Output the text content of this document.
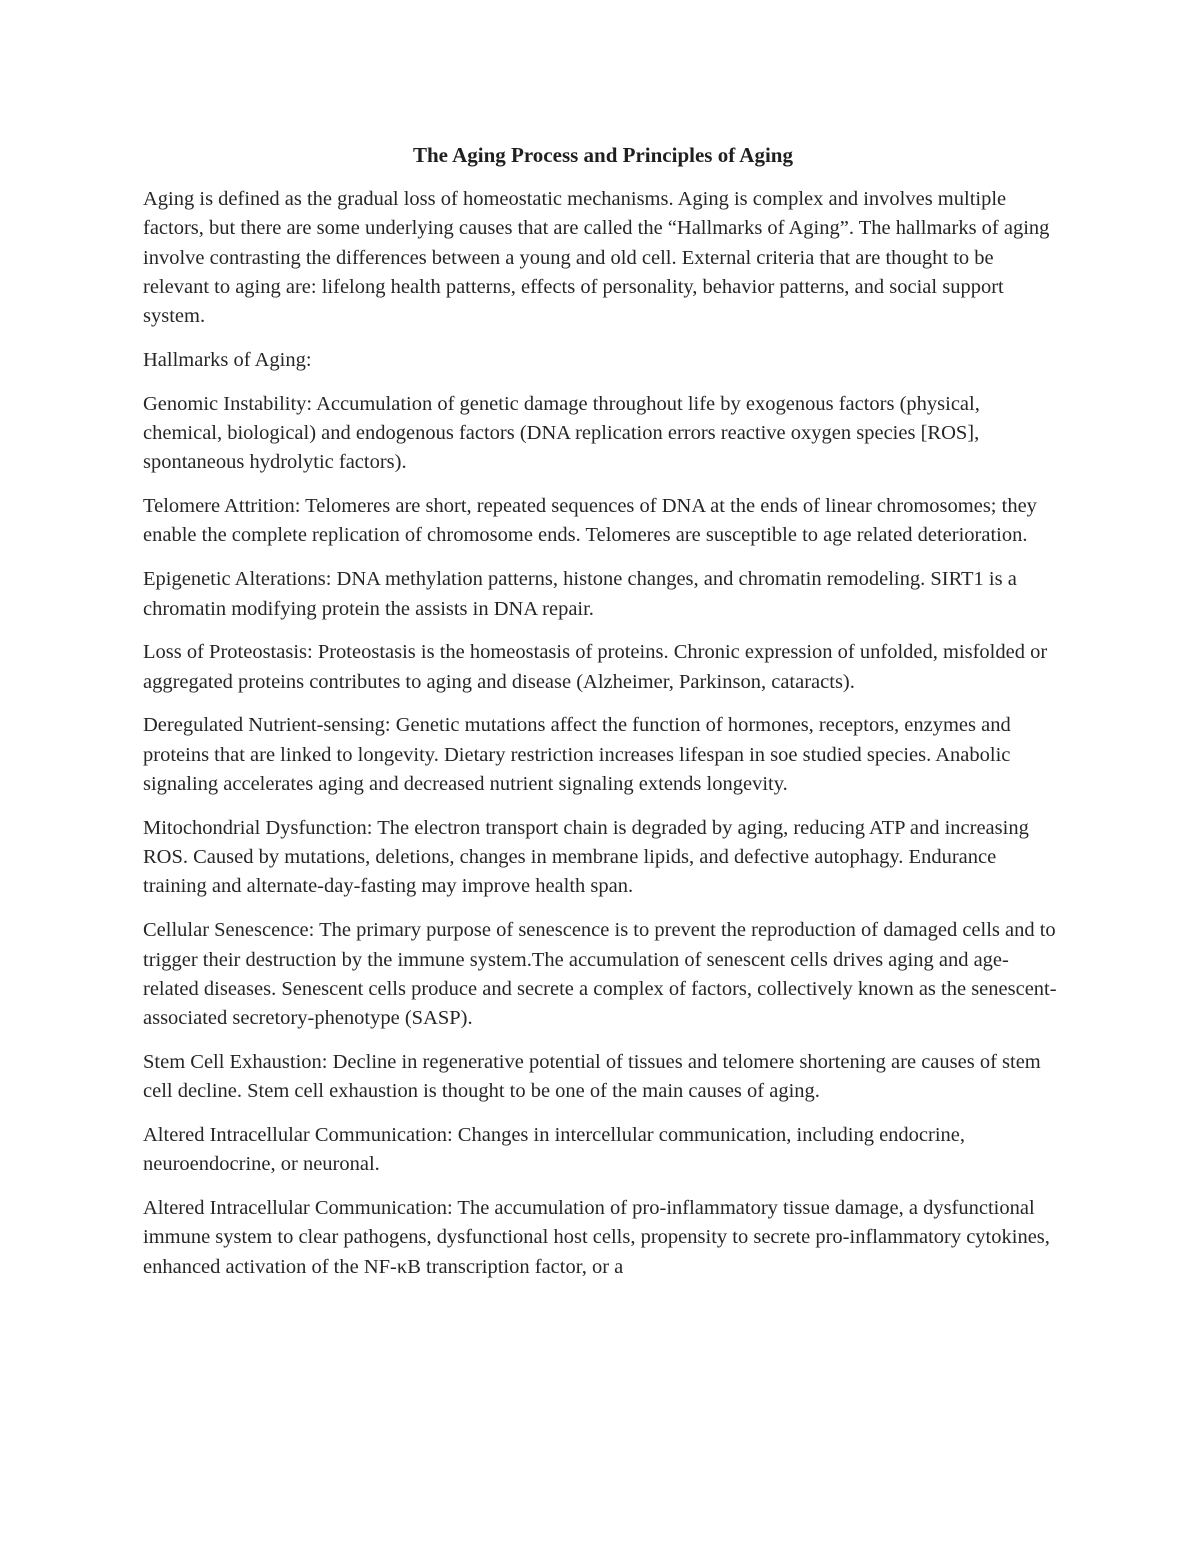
The Aging Process and Principles of Aging

Aging is defined as the gradual loss of homeostatic mechanisms. Aging is complex and involves multiple factors, but there are some underlying causes that are called the “Hallmarks of Aging”. The hallmarks of aging involve contrasting the differences between a young and old cell. External criteria that are thought to be relevant to aging are: lifelong health patterns, effects of personality, behavior patterns, and social support system.

Hallmarks of Aging:

Genomic Instability: Accumulation of genetic damage throughout life by exogenous factors (physical, chemical, biological) and endogenous factors (DNA replication errors reactive oxygen species [ROS], spontaneous hydrolytic factors).

Telomere Attrition: Telomeres are short, repeated sequences of DNA at the ends of linear chromosomes; they enable the complete replication of chromosome ends. Telomeres are susceptible to age related deterioration.

Epigenetic Alterations: DNA methylation patterns, histone changes, and chromatin remodeling. SIRT1 is a chromatin modifying protein the assists in DNA repair.

Loss of Proteostasis: Proteostasis is the homeostasis of proteins. Chronic expression of unfolded, misfolded or aggregated proteins contributes to aging and disease (Alzheimer, Parkinson, cataracts).

Deregulated Nutrient-sensing: Genetic mutations affect the function of hormones, receptors, enzymes and proteins that are linked to longevity. Dietary restriction increases lifespan in soe studied species. Anabolic signaling accelerates aging and decreased nutrient signaling extends longevity.

Mitochondrial Dysfunction: The electron transport chain is degraded by aging, reducing ATP and increasing ROS. Caused by mutations, deletions, changes in membrane lipids, and defective autophagy. Endurance training and alternate-day-fasting may improve health span.

Cellular Senescence: The primary purpose of senescence is to prevent the reproduction of damaged cells and to trigger their destruction by the immune system.The accumulation of senescent cells drives aging and age-related diseases. Senescent cells produce and secrete a complex of factors, collectively known as the senescent-associated secretory-phenotype (SASP).

Stem Cell Exhaustion: Decline in regenerative potential of tissues and telomere shortening are causes of stem cell decline. Stem cell exhaustion is thought to be one of the main causes of aging.

Altered Intracellular Communication: Changes in intercellular communication, including endocrine, neuroendocrine, or neuronal.

Altered Intracellular Communication: The accumulation of pro-inflammatory tissue damage, a dysfunctional immune system to clear pathogens, dysfunctional host cells, propensity to secrete pro-inflammatory cytokines, enhanced activation of the NF-κB transcription factor, or a
